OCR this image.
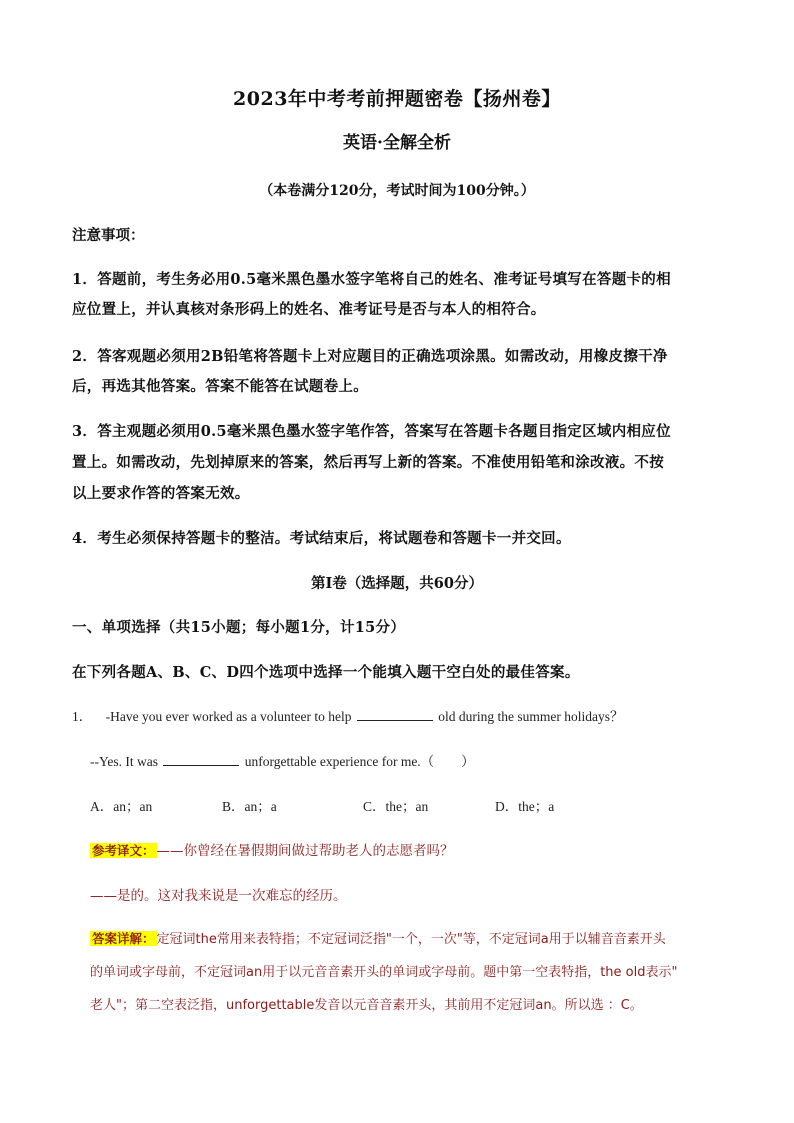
2023年中考考前押题密卷【扬州卷】
英语·全解全析
（本卷满分120分，考试时间为100分钟。）
注意事项：
1．答题前，考生务必用0.5毫米黑色墨水签字笔将自己的姓名、准考证号填写在答题卡的相
应位置上，并认真核对条形码上的姓名、准考证号是否与本人的相符合。
2．答客观题必须用2B铅笔将答题卡上对应题目的正确选项涂黑。如需改动，用橡皮擦干净
后，再选其他答案。答案不能答在试题卷上。
3．答主观题必须用0.5毫米黑色墨水签字笔作答，答案写在答题卡各题目指定区域内相应位
置上。如需改动，先划掉原来的答案，然后再写上新的答案。不准使用铅笔和涂改液。不按
以上要求作答的答案无效。
4．考生必须保持答题卡的整洁。考试结束后，将试题卷和答题卡一并交回。
第I卷（选择题，共60分）
一、单项选择（共15小题；每小题1分，计15分）
在下列各题A、B、C、D四个选项中选择一个能填入题干空白处的最佳答案。
1． -Have you ever worked as a volunteer to help	old during the summer holidays？
--Yes. It was	unforgettable experience for me.（　　）
A．an；an	B．an；a	C．the；an	D．the；a
参考译文： ——你曾经在暑假期间做过帮助老人的志愿者吗？
——是的。这对我来说是一次难忘的经历。
答案详解： 定冠词the常用来表特指；不定冠词泛指"一个，一次"等，不定冠词a用于以辅音音素开头
的单词或字母前，不定冠词an用于以元音音素开头的单词或字母前。题中第一空表特指，the old表示"
老人"；第二空表泛指，unforgettable发音以元音音素开头，其前用不定冠词an。所以选 ：C。
